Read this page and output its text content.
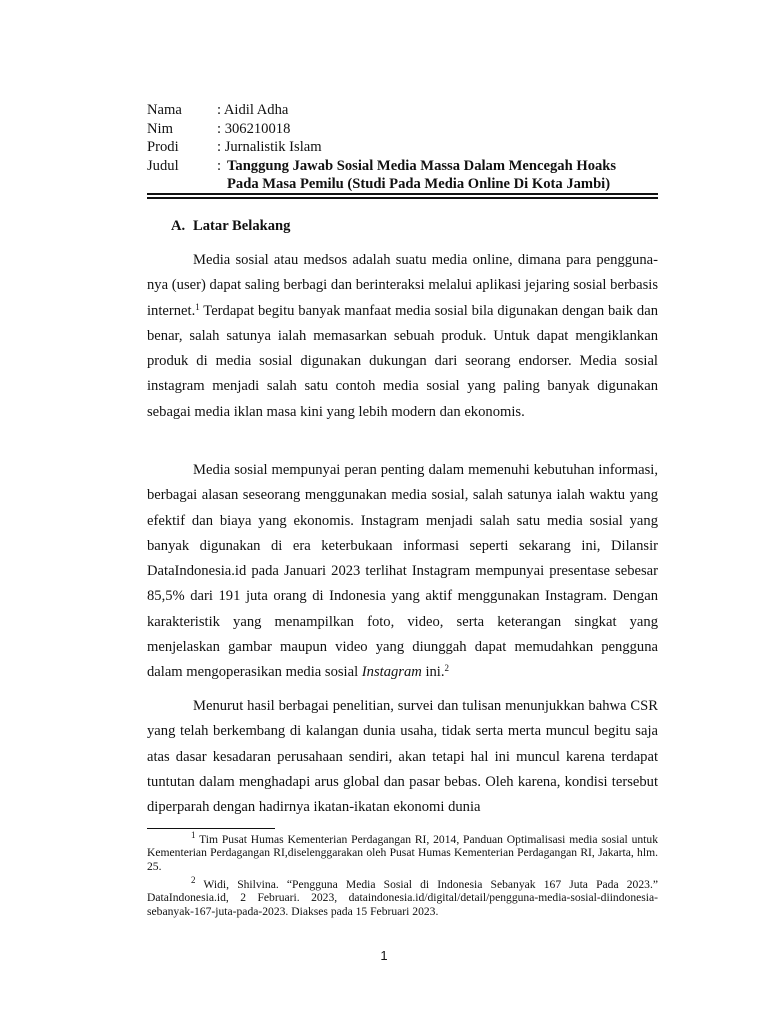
Nama	: Aidil Adha
Nim	: 306210018
Prodi	: Jurnalistik Islam
Judul	: Tanggung Jawab Sosial Media Massa Dalam Mencegah Hoaks
Pada Masa Pemilu (Studi Pada Media Online Di Kota Jambi)
A. Latar Belakang

Media sosial atau medsos adalah suatu media online, dimana para penggunanya (user) dapat saling berbagi dan berinteraksi melalui aplikasi jejaring sosial berbasis internet.$^1$ Terdapat begitu banyak manfaat media sosial bila digunakan dengan baik dan benar, salah satunya ialah memasarkan sebuah produk. Untuk dapat mengiklankan produk di media sosial digunakan dukungan dari seorang endorser. Media sosial instagram menjadi salah satu contoh media sosial yang paling banyak digunakan sebagai media iklan masa kini yang lebih modern dan ekonomis.

Media sosial mempunyai peran penting dalam memenuhi kebutuhan informasi, berbagai alasan seseorang menggunakan media sosial, salah satunya ialah waktu yang efektif dan biaya yang ekonomis. Instagram menjadi salah satu media sosial yang banyak digunakan di era keterbukaan informasi seperti sekarang ini, Dilansir DataIndonesia.id pada Januari 2023 terlihat Instagram mempunyai presentase sebesar 85,5% dari 191 juta orang di Indonesia yang aktif menggunakan Instagram. Dengan karakteristik yang menampilkan foto, video, serta keterangan singkat yang menjelaskan gambar maupun video yang diunggah dapat memudahkan pengguna dalam mengoperasikan media sosial Instagram ini.$^2$

Menurut hasil berbagai penelitian, survei dan tulisan menunjukkan bahwa CSR yang telah berkembang di kalangan dunia usaha, tidak serta merta muncul begitu saja atas dasar kesadaran perusahaan sendiri, akan tetapi hal ini muncul karena terdapat tuntutan dalam menghadapi arus global dan pasar bebas. Oleh karena, kondisi tersebut diperparah dengan hadirnya ikatan-ikatan ekonomi dunia

$^1$ Tim Pusat Humas Kementerian Perdagangan RI, 2014, Panduan Optimalisasi media sosial untuk Kementerian Perdagangan RI,diselenggarakan oleh Pusat Humas Kementerian Perdagangan RI, Jakarta, hlm. 25.

$^2$ Widi, Shilvina. “Pengguna Media Sosial di Indonesia Sebanyak 167 Juta Pada 2023.” DataIndonesia.id, 2 Februari. 2023, dataindonesia.id/digital/detail/pengguna-media-sosial-diindonesia-sebanyak-167-juta-pada-2023. Diakses pada 15 Februari 2023.

1
